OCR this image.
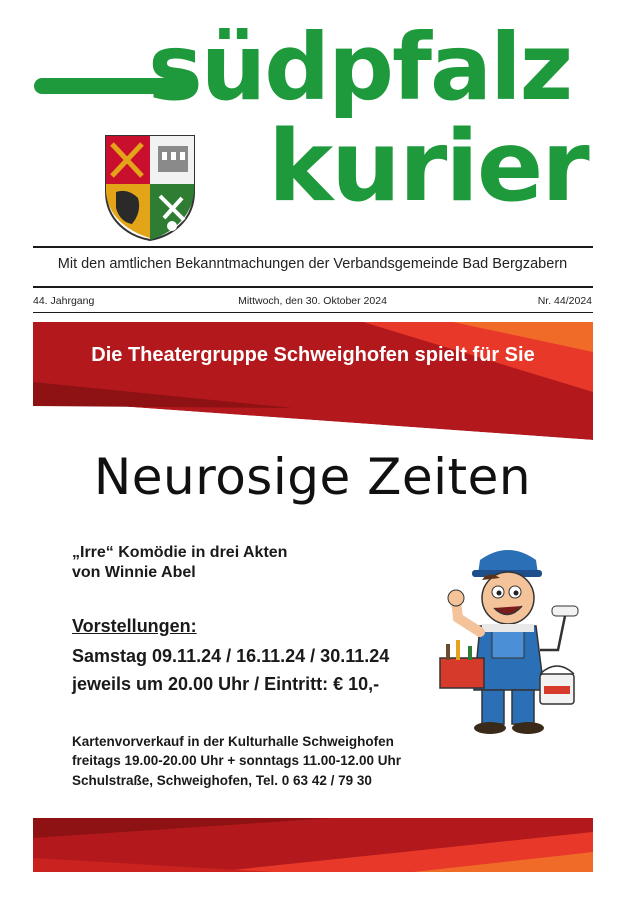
südpfalz
kurier
Mit den amtlichen Bekanntmachungen der Verbandsgemeinde Bad Bergzabern
44. Jahrgang	Mittwoch, den 30. Oktober 2024	Nr. 44/2024
Die Theatergruppe Schweighofen spielt für Sie
Neurosige Zeiten
„Irre“ Komödie in drei Akten
von Winnie Abel
Vorstellungen:
Samstag 09.11.24 / 16.11.24 / 30.11.24
jeweils um 20.00 Uhr / Eintritt: € 10,-
Kartenvorverkauf in der Kulturhalle Schweighofen
freitags 19.00-20.00 Uhr + sonntags 11.00-12.00 Uhr
Schulstraße, Schweighofen, Tel. 0 63 42 / 79 30
